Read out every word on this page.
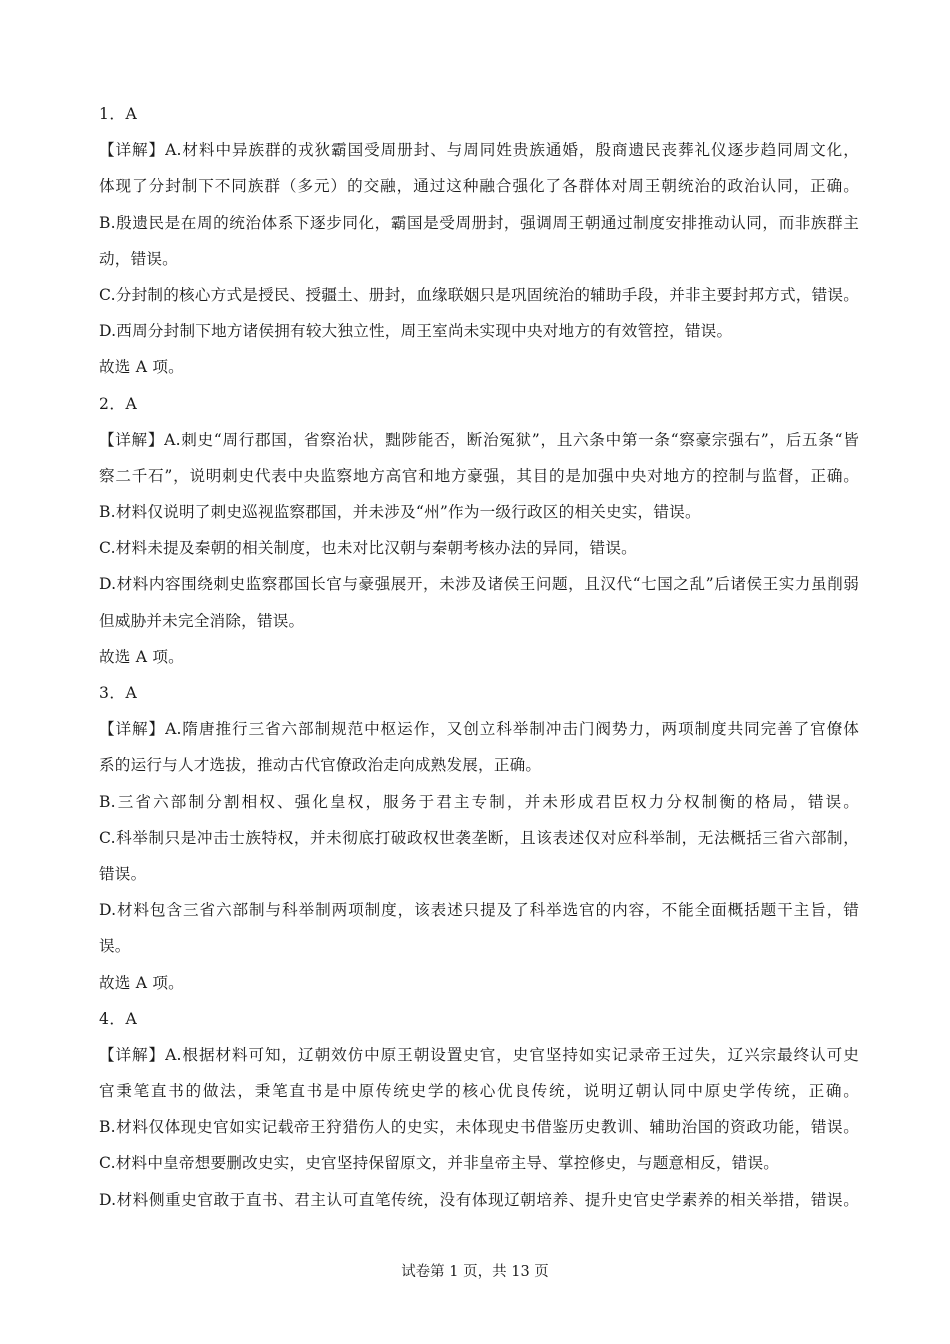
1．A
【详解】A.材料中异族群的戎狄霸国受周册封、与周同姓贵族通婚，殷商遗民丧葬礼仪逐步趋同周文化，
体现了分封制下不同族群（多元）的交融，通过这种融合强化了各群体对周王朝统治的政治认同，正确。
B.殷遗民是在周的统治体系下逐步同化，霸国是受周册封，强调周王朝通过制度安排推动认同，而非族群主
动，错误。
C.分封制的核心方式是授民、授疆土、册封，血缘联姻只是巩固统治的辅助手段，并非主要封邦方式，错误。
D.西周分封制下地方诸侯拥有较大独立性，周王室尚未实现中央对地方的有效管控，错误。
故选 A 项。
2．A
【详解】A.刺史“周行郡国，省察治状，黜陟能否，断治冤狱”，且六条中第一条“察豪宗强右”，后五条“皆
察二千石”，说明刺史代表中央监察地方高官和地方豪强，其目的是加强中央对地方的控制与监督，正确。
B.材料仅说明了刺史巡视监察郡国，并未涉及“州”作为一级行政区的相关史实，错误。
C.材料未提及秦朝的相关制度，也未对比汉朝与秦朝考核办法的异同，错误。
D.材料内容围绕刺史监察郡国长官与豪强展开，未涉及诸侯王问题，且汉代“七国之乱”后诸侯王实力虽削弱
但威胁并未完全消除，错误。
故选 A 项。
3．A
【详解】A.隋唐推行三省六部制规范中枢运作，又创立科举制冲击门阀势力，两项制度共同完善了官僚体
系的运行与人才选拔，推动古代官僚政治走向成熟发展，正确。
B.三省六部制分割相权、强化皇权，服务于君主专制，并未形成君臣权力分权制衡的格局，错误。
C.科举制只是冲击士族特权，并未彻底打破政权世袭垄断，且该表述仅对应科举制，无法概括三省六部制，
错误。
D.材料包含三省六部制与科举制两项制度，该表述只提及了科举选官的内容，不能全面概括题干主旨，错
误。
故选 A 项。
4．A
【详解】A.根据材料可知，辽朝效仿中原王朝设置史官，史官坚持如实记录帝王过失，辽兴宗最终认可史
官秉笔直书的做法，秉笔直书是中原传统史学的核心优良传统，说明辽朝认同中原史学传统，正确。
B.材料仅体现史官如实记载帝王狩猎伤人的史实，未体现史书借鉴历史教训、辅助治国的资政功能，错误。
C.材料中皇帝想要删改史实，史官坚持保留原文，并非皇帝主导、掌控修史，与题意相反，错误。
D.材料侧重史官敢于直书、君主认可直笔传统，没有体现辽朝培养、提升史官史学素养的相关举措，错误。
试卷第 1 页，共 13 页
